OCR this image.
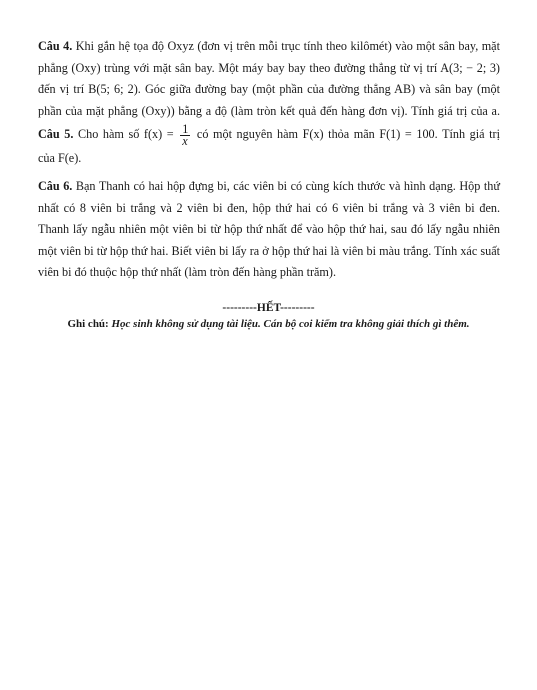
Câu 4. Khi gắn hệ tọa độ Oxyz (đơn vị trên mỗi trục tính theo kilômét) vào một sân bay, mặt
phẳng (Oxy) trùng với mặt sân bay. Một máy bay bay theo đường thẳng từ vị trí A(3; − 2; 3)
đến vị trí B(5; 6; 2). Góc giữa đường bay (một phần của đường thẳng AB) và sân bay (một
phần của mặt phẳng (Oxy)) bằng a độ (làm tròn kết quả đến hàng đơn vị). Tính giá trị của a.
Câu 5. Cho hàm số $f(x) = \frac{1}{x}$ có một nguyên hàm F(x) thỏa mãn F(1) = 100. Tính giá trị
của F(e).
Câu 6. Bạn Thanh có hai hộp đựng bi, các viên bi có cùng kích thước và hình dạng. Hộp thứ
nhất có 8 viên bi trắng và 2 viên bi đen, hộp thứ hai có 6 viên bi trắng và 3 viên bi đen.
Thanh lấy ngẫu nhiên một viên bi từ hộp thứ nhất để vào hộp thứ hai, sau đó lấy ngẫu nhiên
một viên bi từ hộp thứ hai. Biết viên bi lấy ra ở hộp thứ hai là viên bi màu trắng. Tính xác suất
viên bi đó thuộc hộp thứ nhất (làm tròn đến hàng phần trăm).
---------HẾT---------
Ghi chú: Học sinh không sử dụng tài liệu. Cán bộ coi kiểm tra không giải thích gì thêm.
